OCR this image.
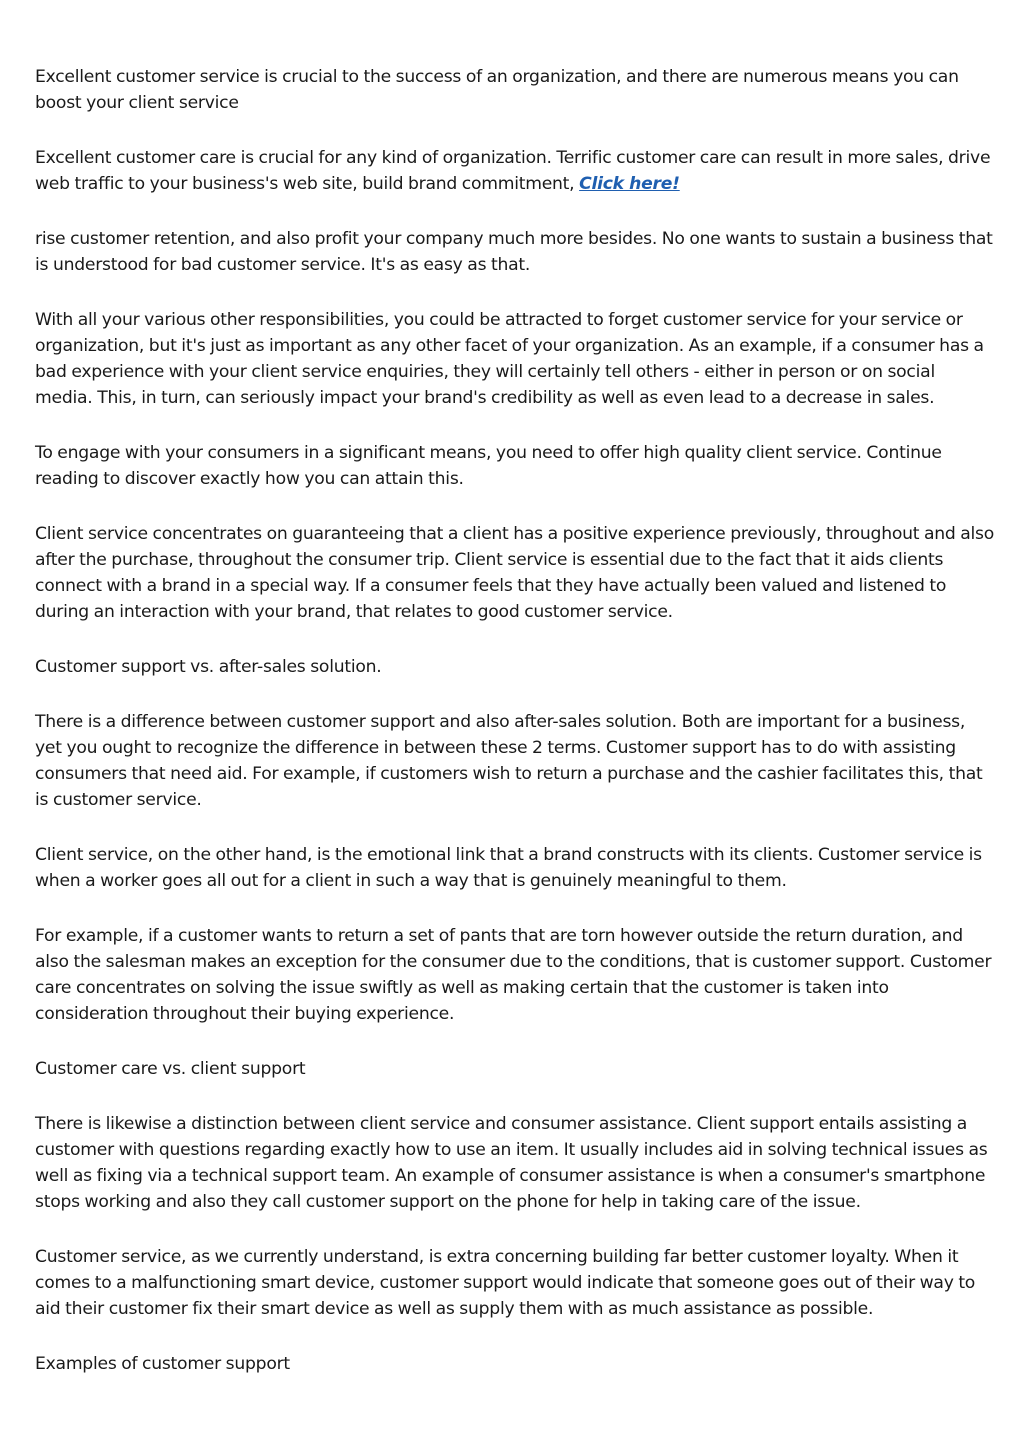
Excellent customer service is crucial to the success of an organization, and there are numerous means you can boost your client service

Excellent customer care is crucial for any kind of organization. Terrific customer care can result in more sales, drive web traffic to your business's web site, build brand commitment, Click here!

rise customer retention, and also profit your company much more besides. No one wants to sustain a business that is understood for bad customer service. It's as easy as that.

With all your various other responsibilities, you could be attracted to forget customer service for your service or organization, but it's just as important as any other facet of your organization. As an example, if a consumer has a bad experience with your client service enquiries, they will certainly tell others - either in person or on social media. This, in turn, can seriously impact your brand's credibility as well as even lead to a decrease in sales.

To engage with your consumers in a significant means, you need to offer high quality client service. Continue reading to discover exactly how you can attain this.

Client service concentrates on guaranteeing that a client has a positive experience previously, throughout and also after the purchase, throughout the consumer trip. Client service is essential due to the fact that it aids clients connect with a brand in a special way. If a consumer feels that they have actually been valued and listened to during an interaction with your brand, that relates to good customer service.

Customer support vs. after-sales solution.

There is a difference between customer support and also after-sales solution. Both are important for a business, yet you ought to recognize the difference in between these 2 terms. Customer support has to do with assisting consumers that need aid. For example, if customers wish to return a purchase and the cashier facilitates this, that is customer service.

Client service, on the other hand, is the emotional link that a brand constructs with its clients. Customer service is when a worker goes all out for a client in such a way that is genuinely meaningful to them.

For example, if a customer wants to return a set of pants that are torn however outside the return duration, and also the salesman makes an exception for the consumer due to the conditions, that is customer support. Customer care concentrates on solving the issue swiftly as well as making certain that the customer is taken into consideration throughout their buying experience.

Customer care vs. client support

There is likewise a distinction between client service and consumer assistance. Client support entails assisting a customer with questions regarding exactly how to use an item. It usually includes aid in solving technical issues as well as fixing via a technical support team. An example of consumer assistance is when a consumer's smartphone stops working and also they call customer support on the phone for help in taking care of the issue.

Customer service, as we currently understand, is extra concerning building far better customer loyalty. When it comes to a malfunctioning smart device, customer support would indicate that someone goes out of their way to aid their customer fix their smart device as well as supply them with as much assistance as possible.

Examples of customer support
